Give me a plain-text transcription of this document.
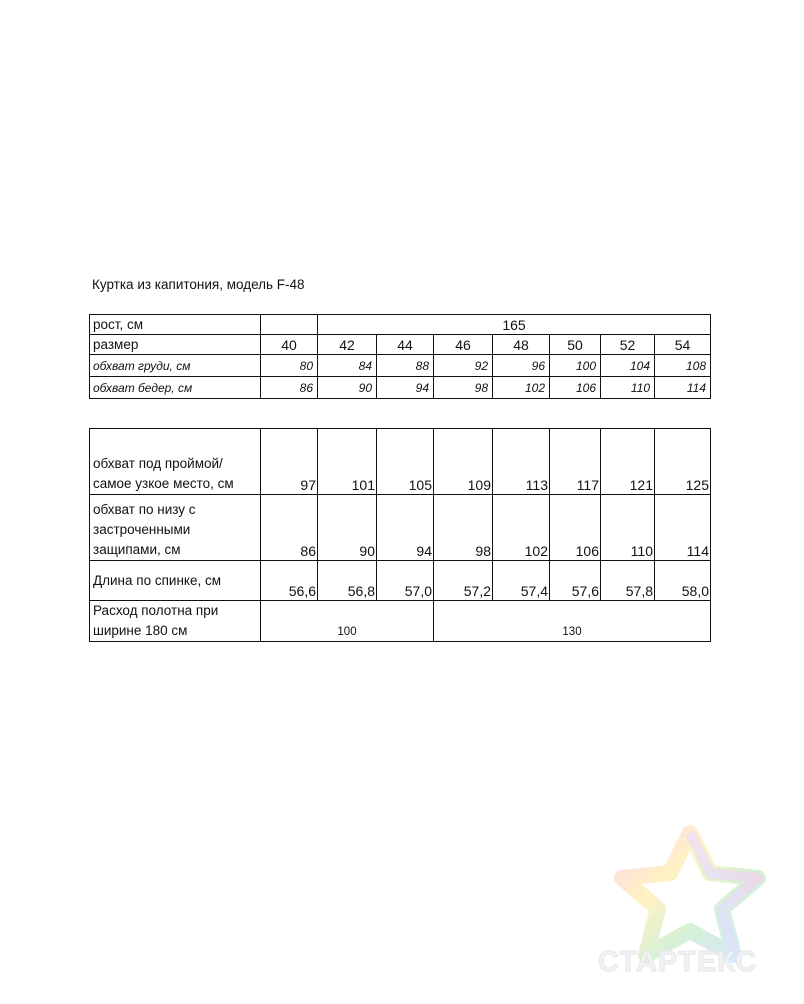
Куртка из капитония, модель F-48
рост, см		165						
размер	40	42	44	46	48	50	52	54
обхват груди, см	80	84	88	92	96	100	104	108
обхват бедер, см	86	90	94	98	102	106	110	114
обхват под проймой/ самое узкое место, см	97	101	105	109	113	117	121	125
обхват по низу с застроченными защипами, см	86	90	94	98	102	106	110	114
Длина по спинке, см	56,6	56,8	57,0	57,2	57,4	57,6	57,8	58,0
Расход полотна при ширине 180 см	100			130				
СТАРТЕКС
